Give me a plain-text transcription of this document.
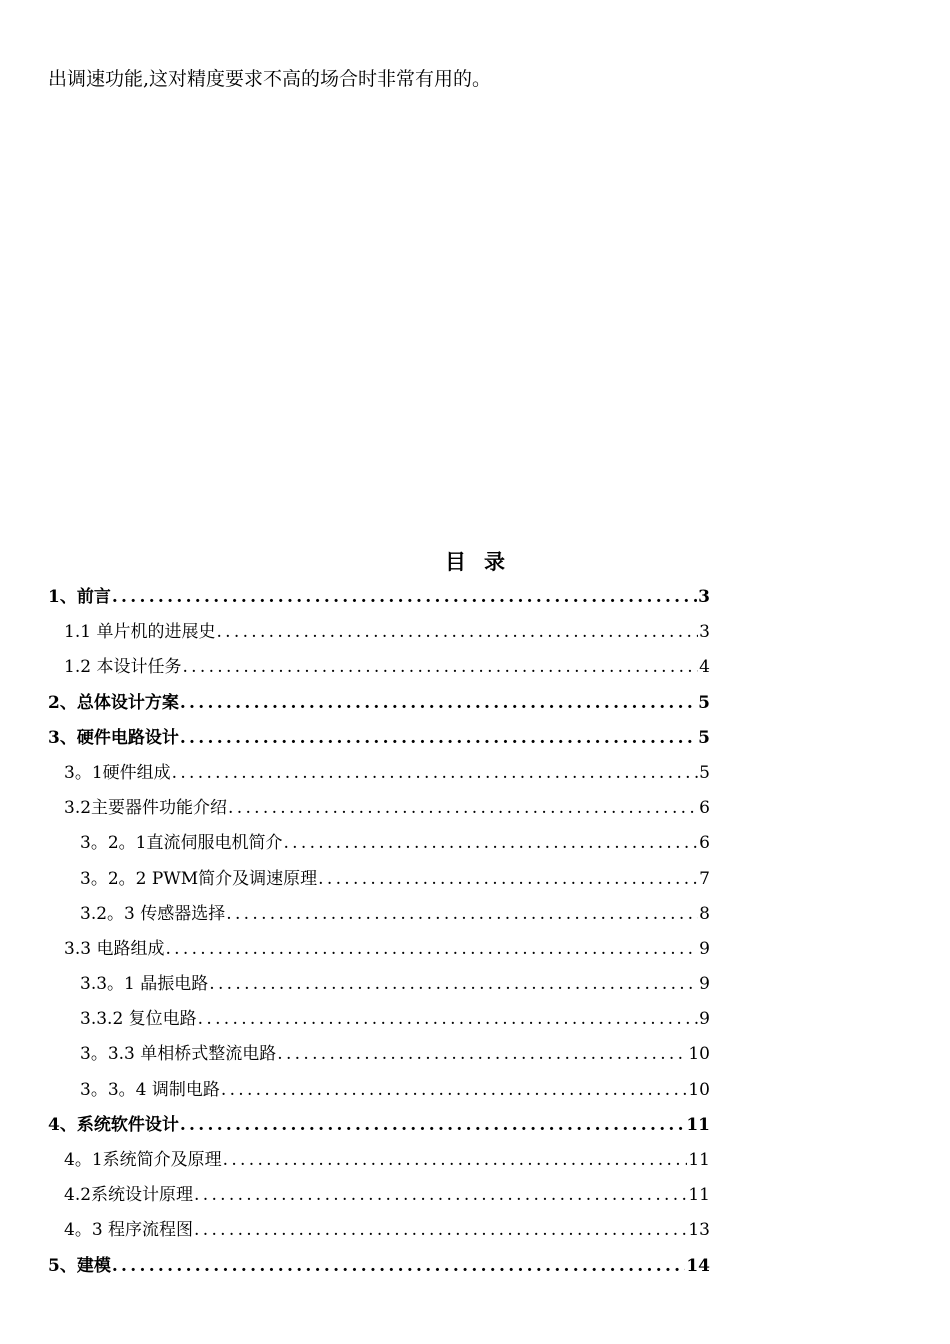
出调速功能,这对精度要求不高的场合时非常有用的。

目录
1、前言 .....	3
1.1 单片机的进展史 .....	3
1.2 本设计任务 .....	4
2、总体设计方案 .....	5
3、硬件电路设计 .....	5
3。1硬件组成 .....	5
3.2主要器件功能介绍 .....	6
3。2。1直流伺服电机简介 .....	6
3。2。2 PWM简介及调速原理 .....	7
3.2。3 传感器选择 .....	8
3.3 电路组成 .....	9
3.3。1 晶振电路 .....	9
3.3.2 复位电路 .....	9
3。3.3 单相桥式整流电路 .....	10
3。3。4 调制电路 .....	10
4、系统软件设计 .....	11
4。1系统简介及原理 .....	11
4.2系统设计原理 .....	11
4。3 程序流程图 .....	13
5、建模 .....	14
